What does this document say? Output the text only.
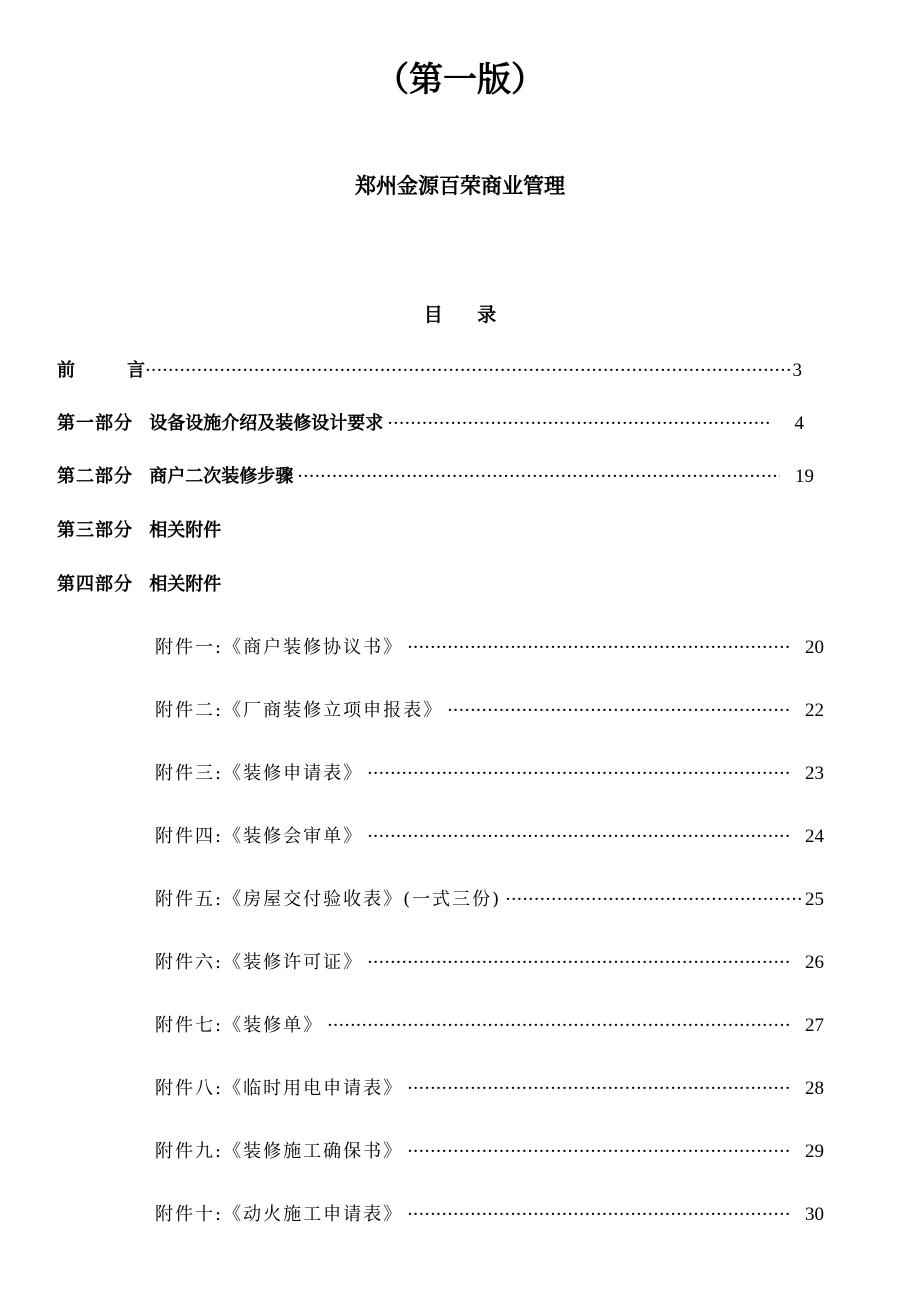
（第一版）
郑州金源百荣商业管理
目 录
前	言 ·····	3
第一部分 设备设施介绍及装修设计要求 ·····	4
第二部分 商户二次装修步骤 ·····	19
第三部分 相关附件
第四部分 相关附件
附件一:《商户装修协议书》 ·····	20
附件二:《厂商装修立项申报表》 ·····	22
附件三:《装修申请表》 ·····	23
附件四:《装修会审单》 ·····	24
附件五:《房屋交付验收表》(一式三份) ·····	25
附件六:《装修许可证》 ·····	26
附件七:《装修单》 ·····	27
附件八:《临时用电申请表》 ·····	28
附件九:《装修施工确保书》 ·····	29
附件十:《动火施工申请表》 ·····	30
